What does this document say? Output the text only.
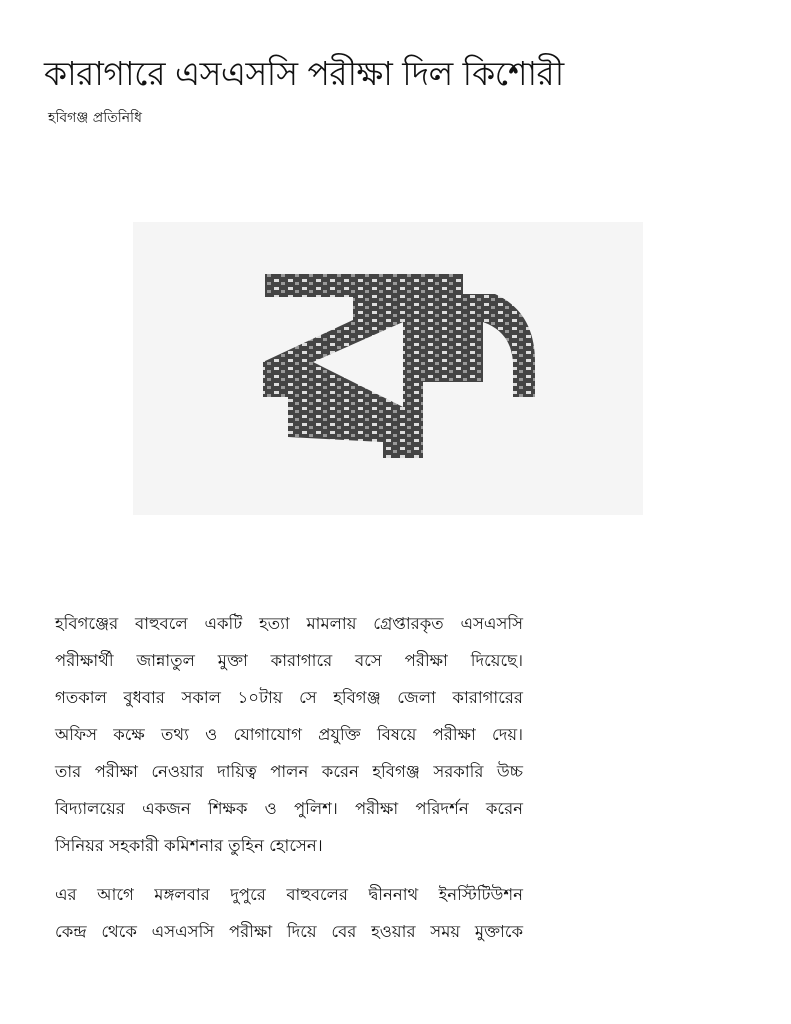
কারাগারে এসএসসি পরীক্ষা দিল কিশোরী
হবিগঞ্জ প্রতিনিধি
হবিগঞ্জের বাহুবলে একটি হত্যা মামলায় গ্রেপ্তারকৃত এসএসসি
পরীক্ষার্থী জান্নাতুল মুক্তা কারাগারে বসে পরীক্ষা দিয়েছে।
গতকাল বুধবার সকাল ১০টায় সে হবিগঞ্জ জেলা কারাগারের
অফিস কক্ষে তথ্য ও যোগাযোগ প্রযুক্তি বিষয়ে পরীক্ষা দেয়।
তার পরীক্ষা নেওয়ার দায়িত্ব পালন করেন হবিগঞ্জ সরকারি উচ্চ
বিদ্যালয়ের একজন শিক্ষক ও পুলিশ। পরীক্ষা পরিদর্শন করেন
সিনিয়র সহকারী কমিশনার তুহিন হোসেন।
এর আগে মঙ্গলবার দুপুরে বাহুবলের দ্বীননাথ ইনস্টিটিউশন
কেন্দ্র থেকে এসএসসি পরীক্ষা দিয়ে বের হওয়ার সময় মুক্তাকে
